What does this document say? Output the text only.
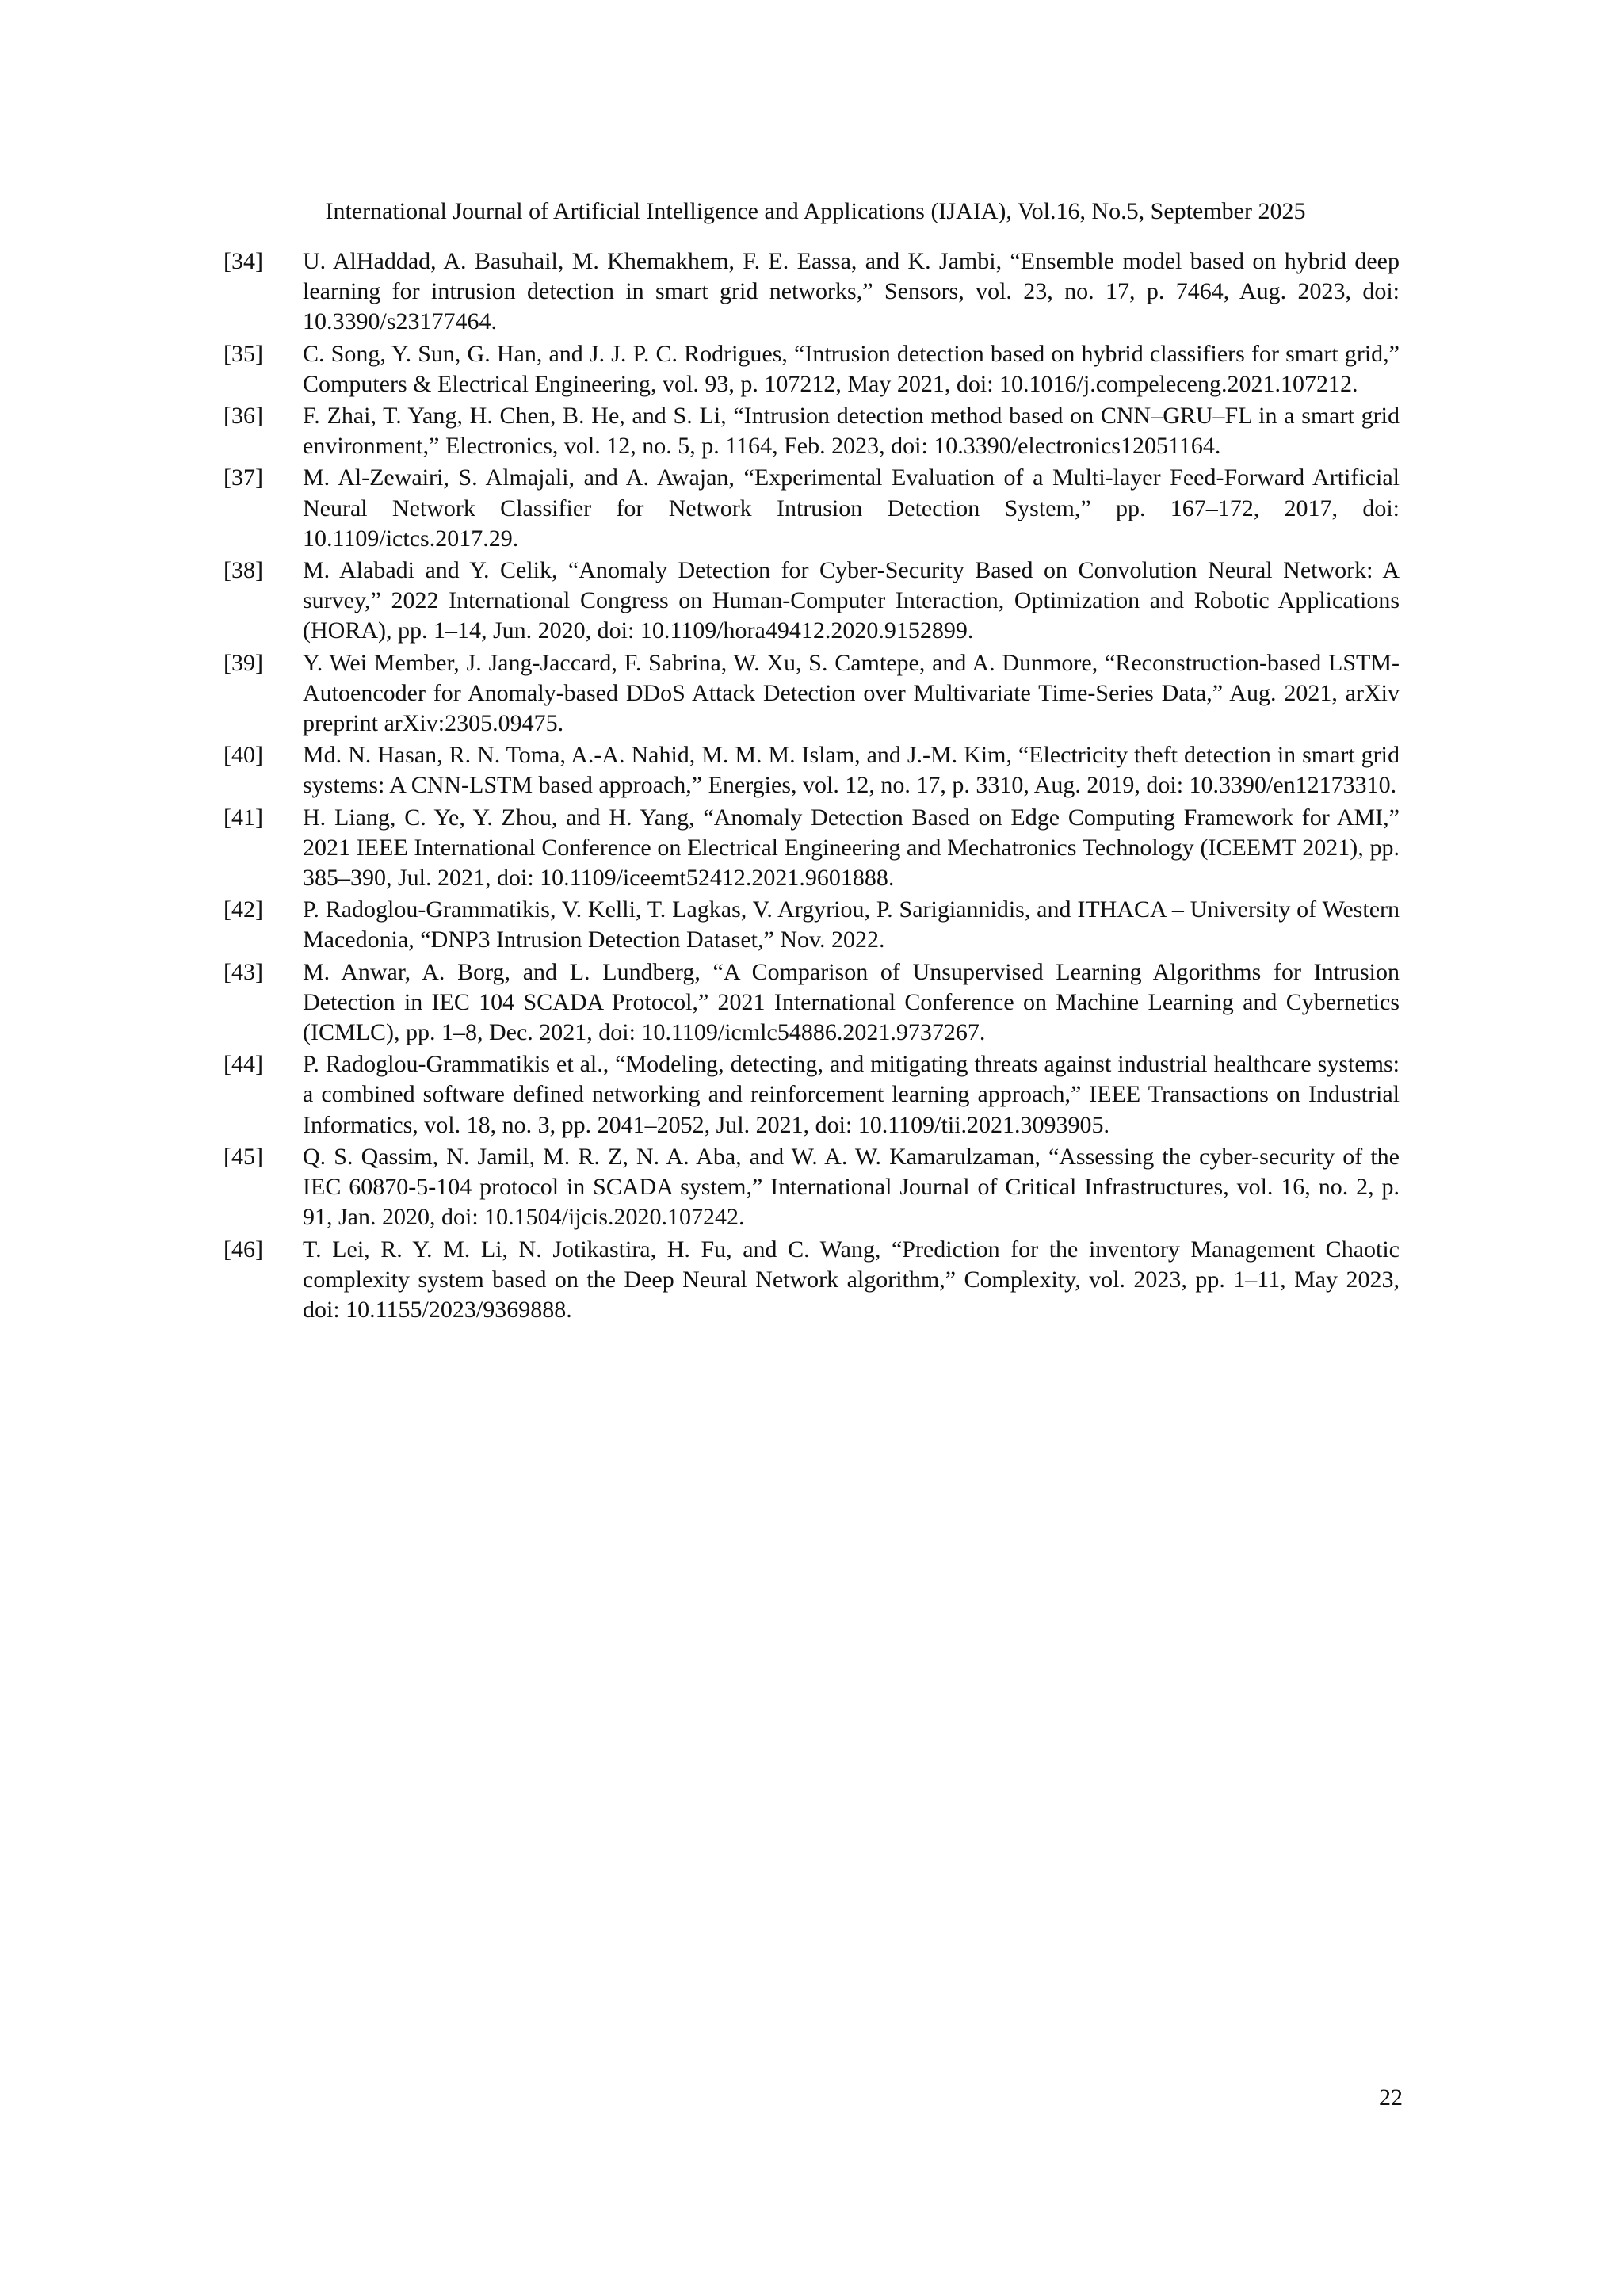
International Journal of Artificial Intelligence and Applications (IJAIA), Vol.16, No.5, September 2025
[34]	U. AlHaddad, A. Basuhail, M. Khemakhem, F. E. Eassa, and K. Jambi, “Ensemble model based on hybrid deep learning for intrusion detection in smart grid networks,” Sensors, vol. 23, no. 17, p. 7464, Aug. 2023, doi: 10.3390/s23177464.
[35]	C. Song, Y. Sun, G. Han, and J. J. P. C. Rodrigues, “Intrusion detection based on hybrid classifiers for smart grid,” Computers & Electrical Engineering, vol. 93, p. 107212, May 2021, doi: 10.1016/j.compeleceng.2021.107212.
[36]	F. Zhai, T. Yang, H. Chen, B. He, and S. Li, “Intrusion detection method based on CNN–GRU–FL in a smart grid environment,” Electronics, vol. 12, no. 5, p. 1164, Feb. 2023, doi: 10.3390/electronics12051164.
[37]	M. Al-Zewairi, S. Almajali, and A. Awajan, “Experimental Evaluation of a Multi-layer Feed-Forward Artificial Neural Network Classifier for Network Intrusion Detection System,” pp. 167–172, 2017, doi: 10.1109/ictcs.2017.29.
[38]	M. Alabadi and Y. Celik, “Anomaly Detection for Cyber-Security Based on Convolution Neural Network: A survey,” 2022 International Congress on Human-Computer Interaction, Optimization and Robotic Applications (HORA), pp. 1–14, Jun. 2020, doi: 10.1109/hora49412.2020.9152899.
[39]	Y. Wei Member, J. Jang-Jaccard, F. Sabrina, W. Xu, S. Camtepe, and A. Dunmore, “Reconstruction-based LSTM-Autoencoder for Anomaly-based DDoS Attack Detection over Multivariate Time-Series Data,” Aug. 2021, arXiv preprint arXiv:2305.09475.
[40]	Md. N. Hasan, R. N. Toma, A.-A. Nahid, M. M. M. Islam, and J.-M. Kim, “Electricity theft detection in smart grid systems: A CNN-LSTM based approach,” Energies, vol. 12, no. 17, p. 3310, Aug. 2019, doi: 10.3390/en12173310.
[41]	H. Liang, C. Ye, Y. Zhou, and H. Yang, “Anomaly Detection Based on Edge Computing Framework for AMI,” 2021 IEEE International Conference on Electrical Engineering and Mechatronics Technology (ICEEMT 2021), pp. 385–390, Jul. 2021, doi: 10.1109/iceemt52412.2021.9601888.
[42]	P. Radoglou-Grammatikis, V. Kelli, T. Lagkas, V. Argyriou, P. Sarigiannidis, and ITHACA – University of Western Macedonia, “DNP3 Intrusion Detection Dataset,” Nov. 2022.
[43]	M. Anwar, A. Borg, and L. Lundberg, “A Comparison of Unsupervised Learning Algorithms for Intrusion Detection in IEC 104 SCADA Protocol,” 2021 International Conference on Machine Learning and Cybernetics (ICMLC), pp. 1–8, Dec. 2021, doi: 10.1109/icmlc54886.2021.9737267.
[44]	P. Radoglou-Grammatikis et al., “Modeling, detecting, and mitigating threats against industrial healthcare systems: a combined software defined networking and reinforcement learning approach,” IEEE Transactions on Industrial Informatics, vol. 18, no. 3, pp. 2041–2052, Jul. 2021, doi: 10.1109/tii.2021.3093905.
[45]	Q. S. Qassim, N. Jamil, M. R. Z, N. A. Aba, and W. A. W. Kamarulzaman, “Assessing the cyber-security of the IEC 60870-5-104 protocol in SCADA system,” International Journal of Critical Infrastructures, vol. 16, no. 2, p. 91, Jan. 2020, doi: 10.1504/ijcis.2020.107242.
[46]	T. Lei, R. Y. M. Li, N. Jotikastira, H. Fu, and C. Wang, “Prediction for the inventory Management Chaotic complexity system based on the Deep Neural Network algorithm,” Complexity, vol. 2023, pp. 1–11, May 2023, doi: 10.1155/2023/9369888.
22
